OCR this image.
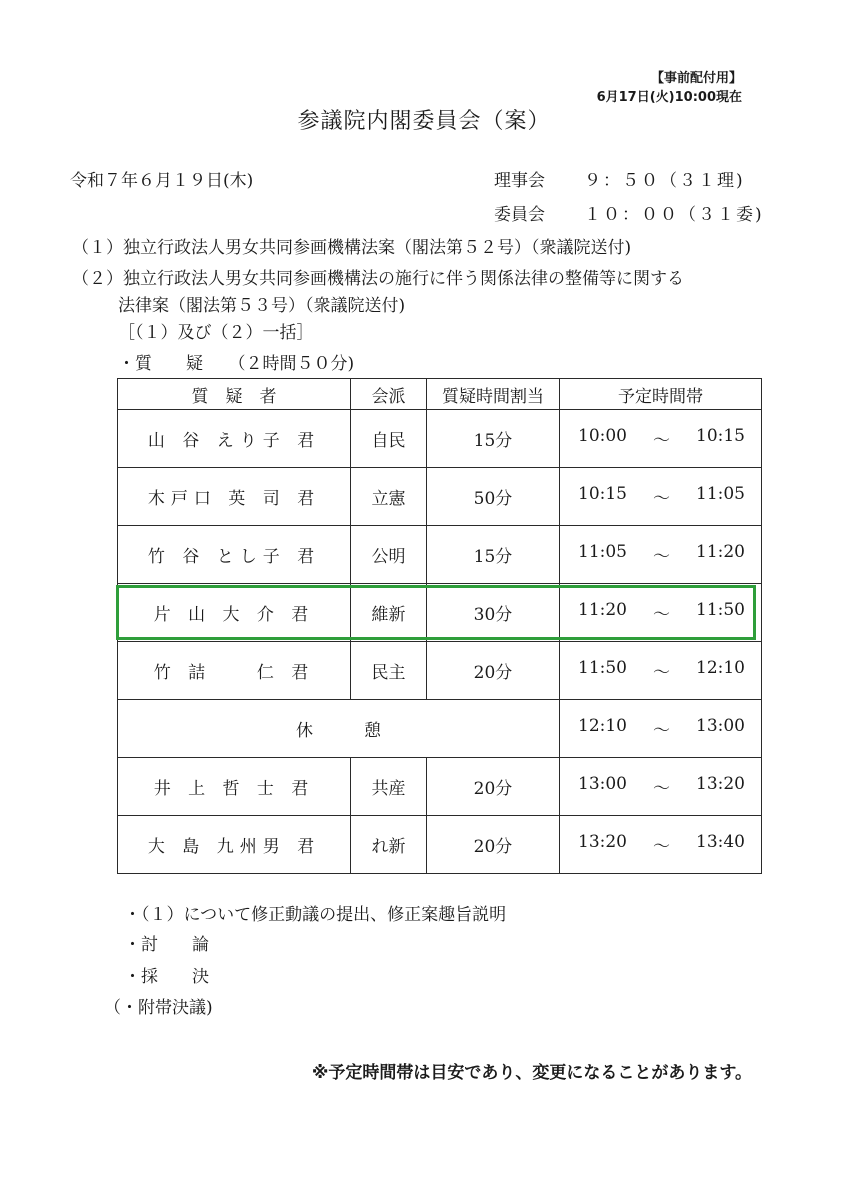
【事前配付用】
6月17日(火)10:00現在
参議院内閣委員会（案）
令和７年６月１９日(木)	理事会 ９：５０（３１理)
委員会 １０：００（３１委)
（１）独立行政法人男女共同参画機構法案（閣法第５２号）（衆議院送付)
（２）独立行政法人男女共同参画機構法の施行に伴う関係法律の整備等に関する
法律案（閣法第５３号）（衆議院送付)
［（１）及び（２）一括］
・質　　疑　　（２時間５０分)
質　疑　者	会派	質疑時間割当	予定時間帯
山 谷 えり子 君	自民	15分	10:00 ～ 10:15

木戸口 英 司 君	立憲	50分	10:15 ～ 11:05

竹 谷 とし子 君	公明	15分	11:05 ～ 11:20

片 山 大 介 君	維新	30分	11:20 ～ 11:50

竹 詰 　 仁 君	民主	20分	11:50 ～ 12:10

休　　　憩			12:10 ～ 13:00

井 上 哲 士 君	共産	20分	13:00 ～ 13:20

大 島 九州男 君	れ新	20分	13:20 ～ 13:40
・（１）について修正動議の提出、修正案趣旨説明
・討　　論
・採　　決
（・附帯決議)
※予定時間帯は目安であり、変更になることがあります。
